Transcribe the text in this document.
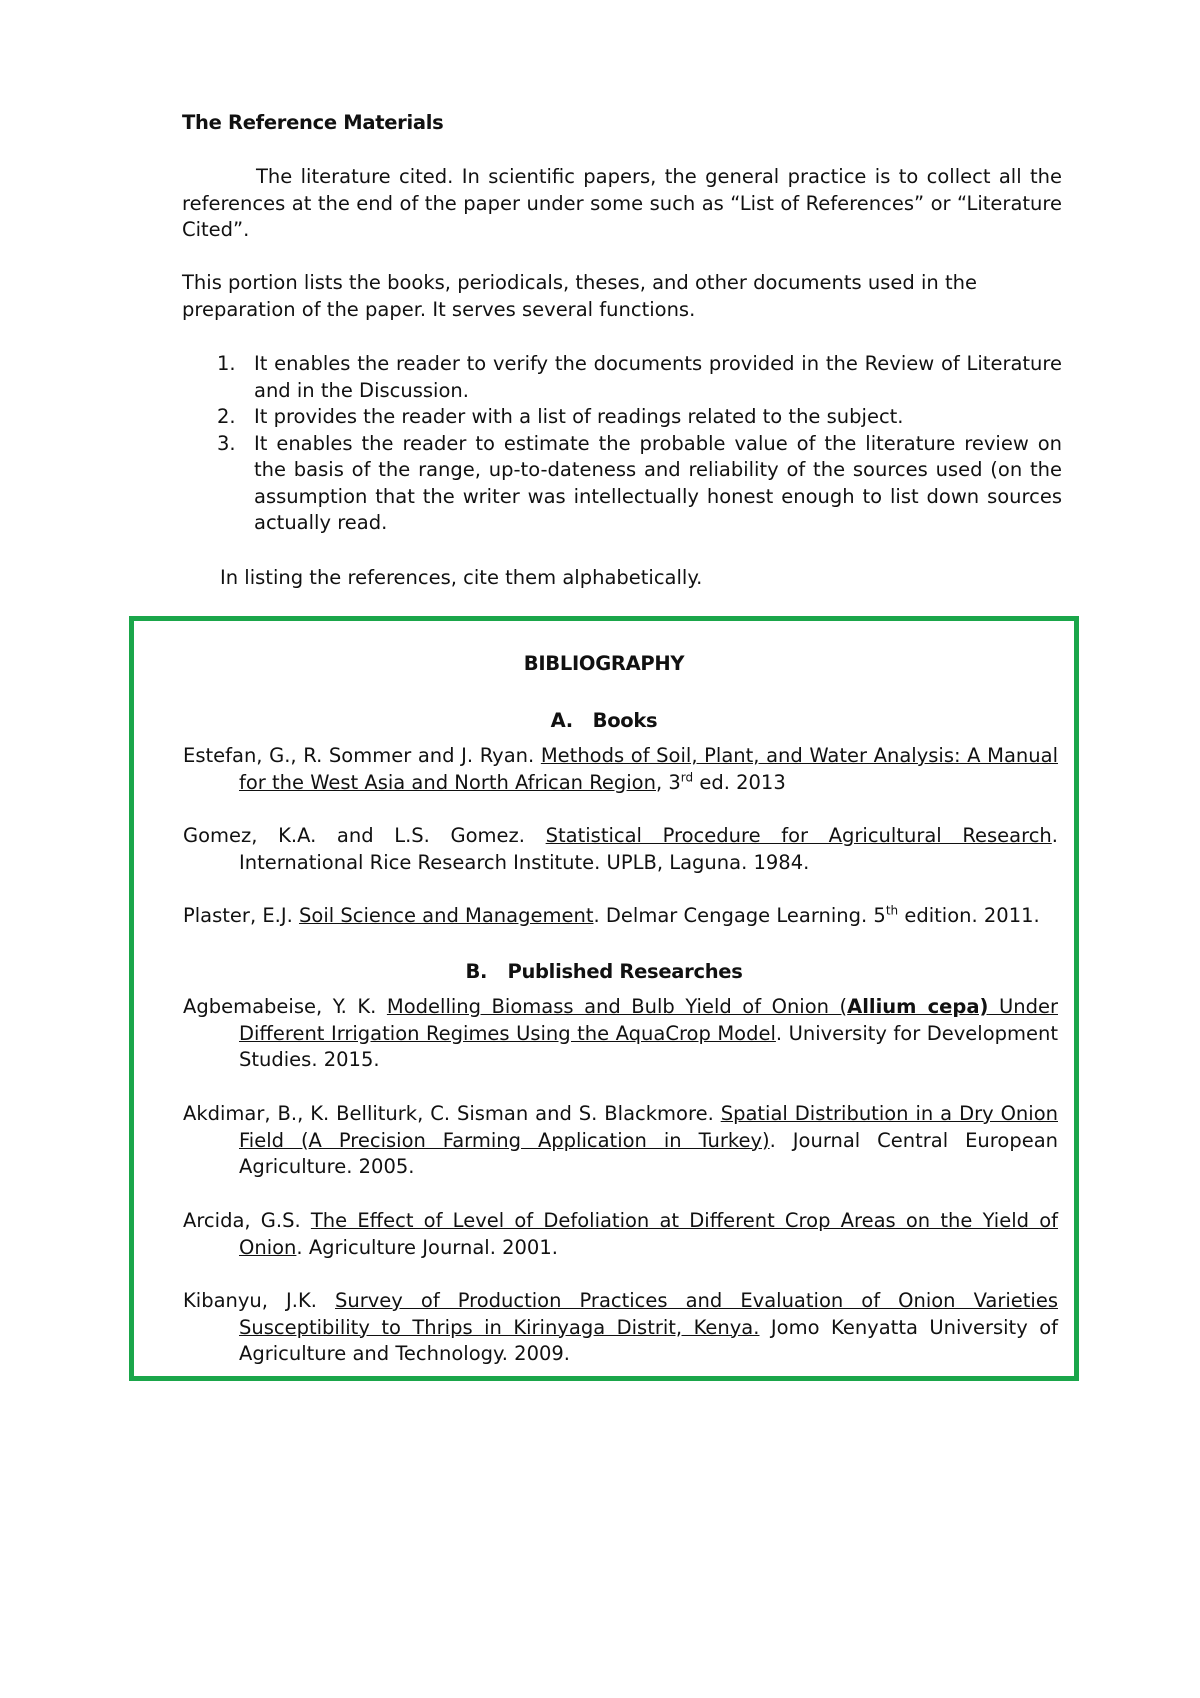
The Reference Materials

The literature cited. In scientific papers, the general practice is to collect all the references at the end of the paper under some such as “List of References” or “Literature Cited”.

This portion lists the books, periodicals, theses, and other documents used in the preparation of the paper. It serves several functions.

1. It enables the reader to verify the documents provided in the Review of Literature and in the Discussion.
2. It provides the reader with a list of readings related to the subject.
3. It enables the reader to estimate the probable value of the literature review on the basis of the range, up-to-dateness and reliability of the sources used (on the assumption that the writer was intellectually honest enough to list down sources actually read.

In listing the references, cite them alphabetically.

BIBLIOGRAPHY
A. Books
Estefan, G., R. Sommer and J. Ryan. Methods of Soil, Plant, and Water Analysis: A Manual for the West Asia and North African Region, 3rd ed. 2013
Gomez, K.A. and L.S. Gomez. Statistical Procedure for Agricultural Research. International Rice Research Institute. UPLB, Laguna. 1984.
Plaster, E.J. Soil Science and Management. Delmar Cengage Learning. 5th edition. 2011.
B. Published Researches
Agbemabeise, Y. K. Modelling Biomass and Bulb Yield of Onion (Allium cepa) Under Different Irrigation Regimes Using the AquaCrop Model. University for Development Studies. 2015.
Akdimar, B., K. Belliturk, C. Sisman and S. Blackmore. Spatial Distribution in a Dry Onion Field (A Precision Farming Application in Turkey). Journal Central European Agriculture. 2005.
Arcida, G.S. The Effect of Level of Defoliation at Different Crop Areas on the Yield of Onion. Agriculture Journal. 2001.
Kibanyu, J.K. Survey of Production Practices and Evaluation of Onion Varieties Susceptibility to Thrips in Kirinyaga Distrit, Kenya. Jomo Kenyatta University of Agriculture and Technology. 2009.
